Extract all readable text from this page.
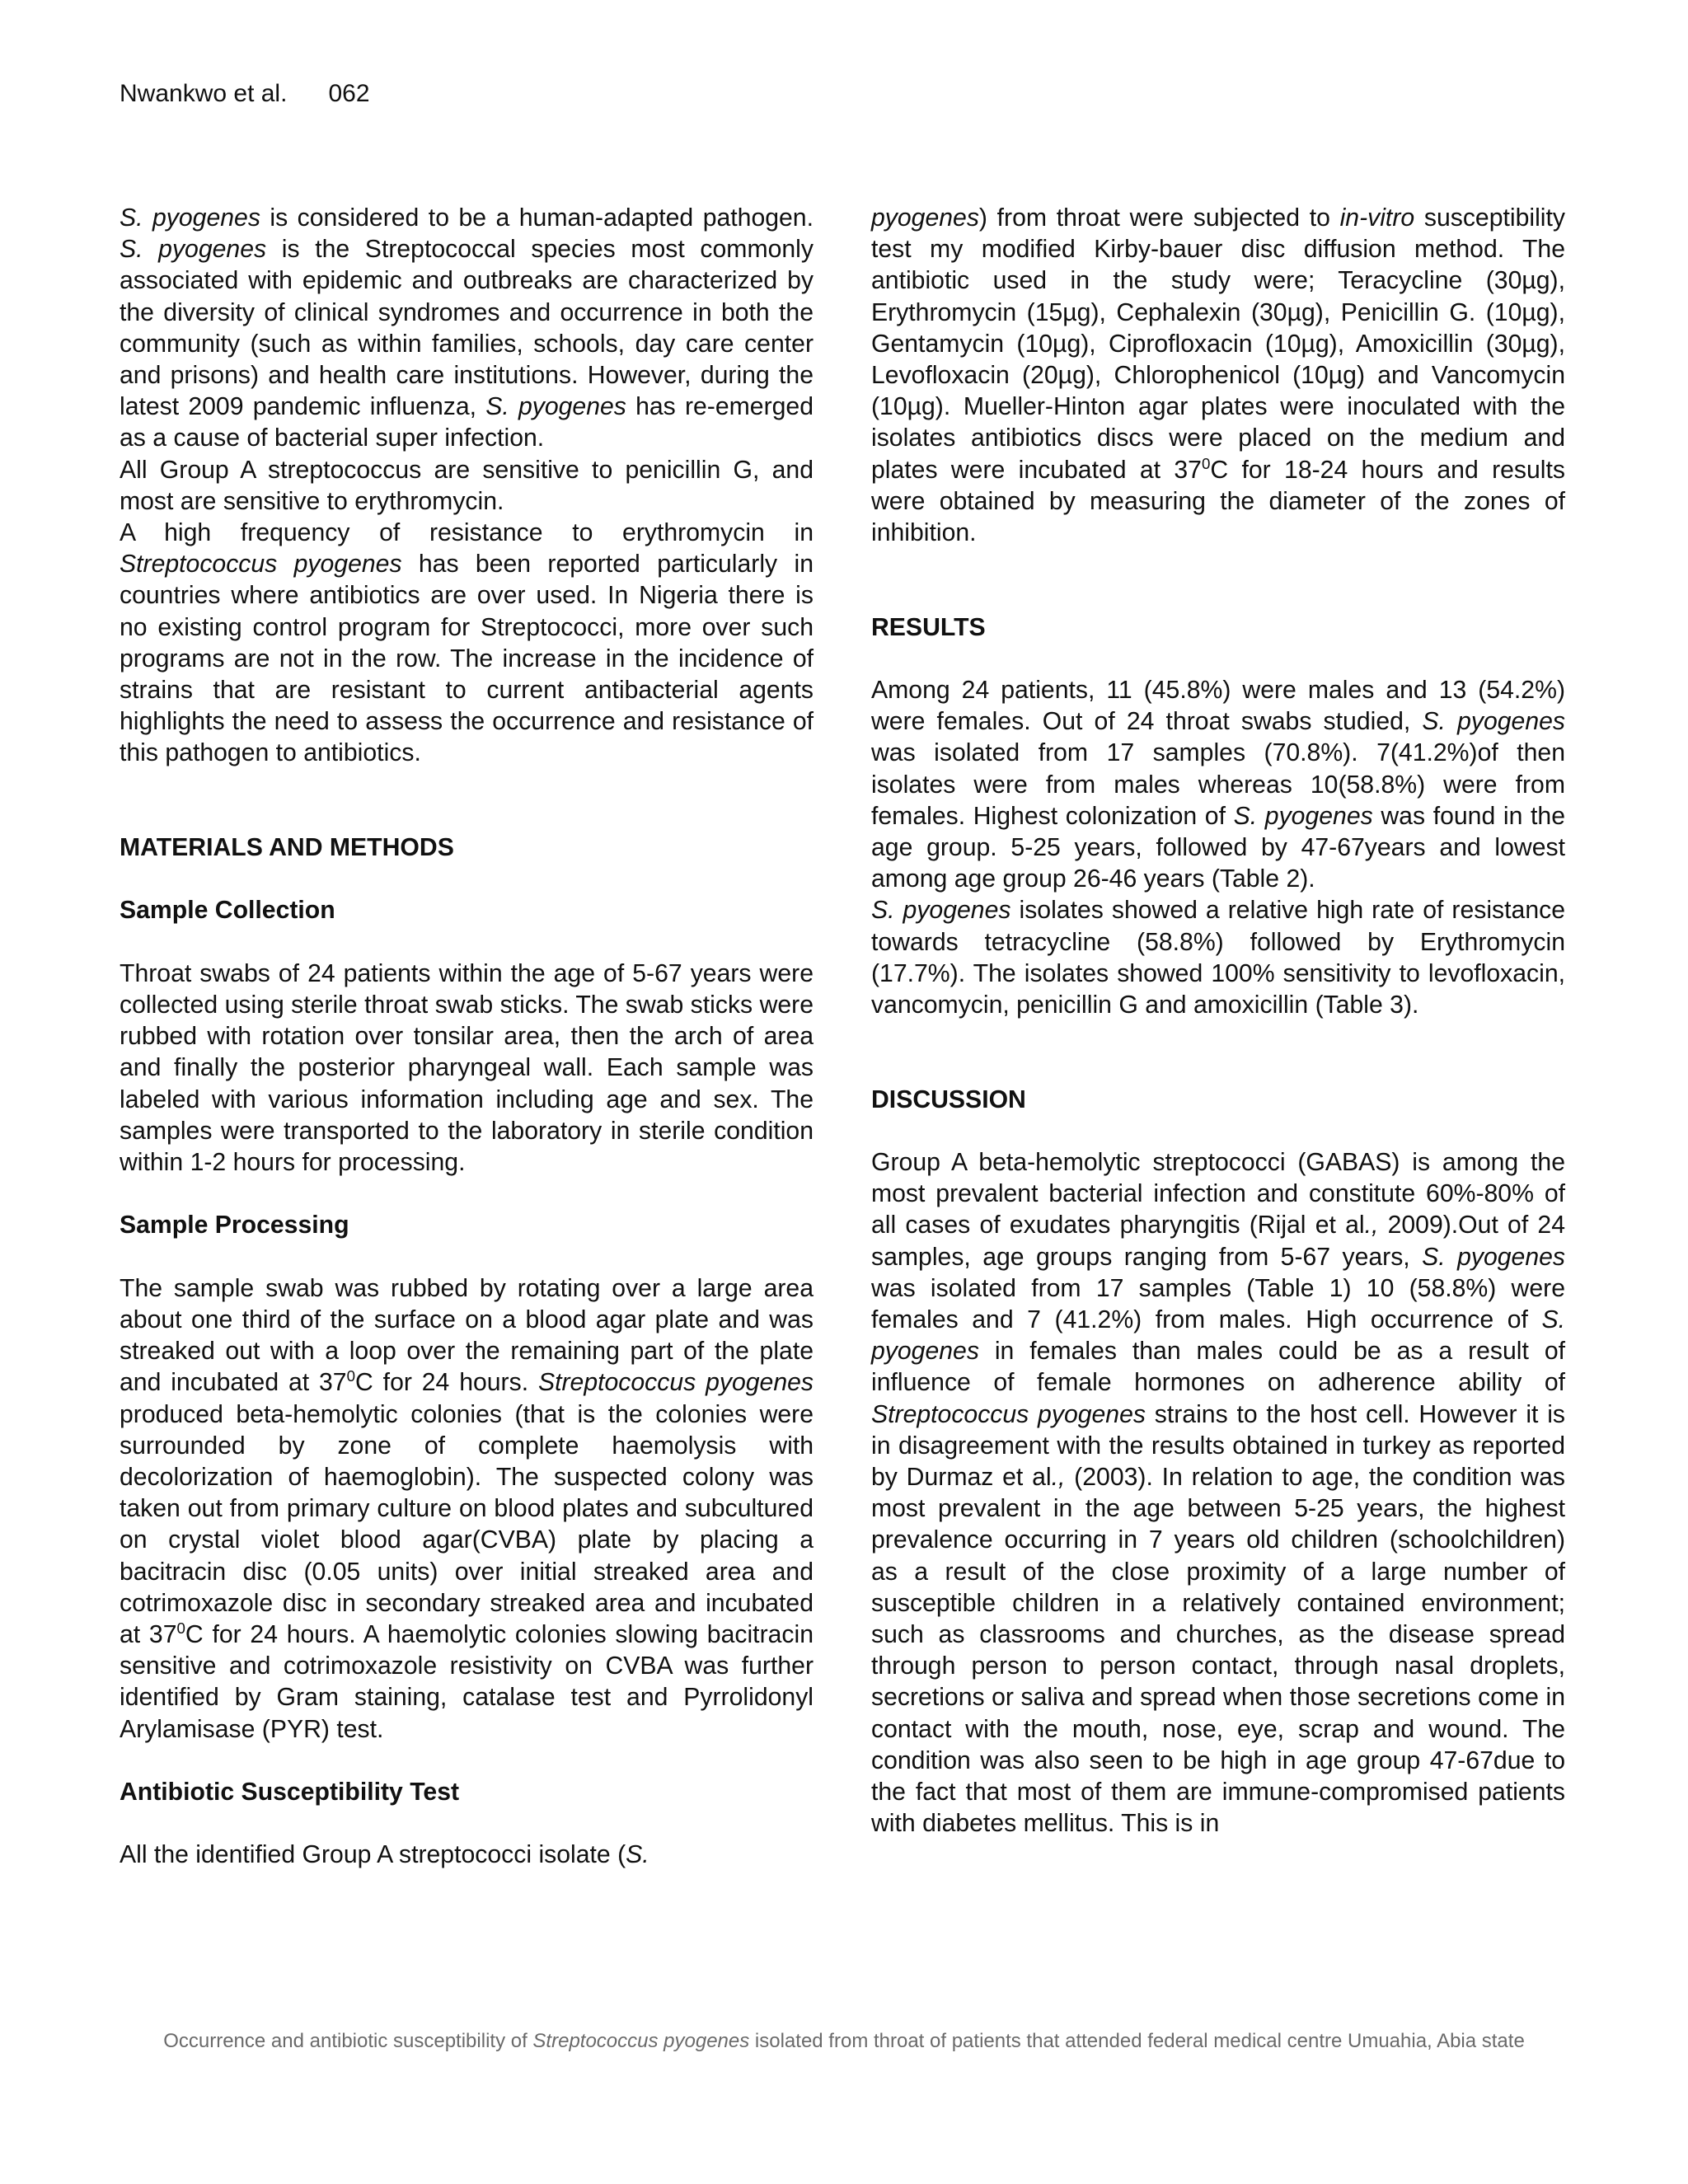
Nwankwo et al. 062

S. pyogenes is considered to be a human-adapted pathogen. S. pyogenes is the Streptococcal species most commonly associated with epidemic and outbreaks are characterized by the diversity of clinical syndromes and occurrence in both the community (such as within families, schools, day care center and prisons) and health care institutions. However, during the latest 2009 pandemic influenza, S. pyogenes has re-emerged as a cause of bacterial super infection.

All Group A streptococcus are sensitive to penicillin G, and most are sensitive to erythromycin.

A high frequency of resistance to erythromycin in Streptococcus pyogenes has been reported particularly in countries where antibiotics are over used. In Nigeria there is no existing control program for Streptococci, more over such programs are not in the row. The increase in the incidence of strains that are resistant to current antibacterial agents highlights the need to assess the occurrence and resistance of this pathogen to antibiotics.

MATERIALS AND METHODS
Sample Collection

Throat swabs of 24 patients within the age of 5-67 years were collected using sterile throat swab sticks. The swab sticks were rubbed with rotation over tonsilar area, then the arch of area and finally the posterior pharyngeal wall. Each sample was labeled with various information including age and sex. The samples were transported to the laboratory in sterile condition within 1-2 hours for processing.

Sample Processing

The sample swab was rubbed by rotating over a large area about one third of the surface on a blood agar plate and was streaked out with a loop over the remaining part of the plate and incubated at $37^0C$ for 24 hours. Streptococcus pyogenes produced beta-hemolytic colonies (that is the colonies were surrounded by zone of complete haemolysis with decolorization of haemoglobin). The suspected colony was taken out from primary culture on blood plates and subcultured on crystal violet blood agar(CVBA) plate by placing a bacitracin disc (0.05 units) over initial streaked area and cotrimoxazole disc in secondary streaked area and incubated at $37^0C$ for 24 hours. A haemolytic colonies slowing bacitracin sensitive and cotrimoxazole resistivity on CVBA was further identified by Gram staining, catalase test and Pyrrolidonyl Arylamisase (PYR) test.

Antibiotic Susceptibility Test

All the identified Group A streptococci isolate (S.

pyogenes) from throat were subjected to in-vitro susceptibility test my modified Kirby-bauer disc diffusion method. The antibiotic used in the study were; Teracycline (30µg), Erythromycin (15µg), Cephalexin (30µg), Penicillin G. (10µg), Gentamycin (10µg), Ciprofloxacin (10µg), Amoxicillin (30µg), Levofloxacin (20µg), Chlorophenicol (10µg) and Vancomycin (10µg). Mueller-Hinton agar plates were inoculated with the isolates antibiotics discs were placed on the medium and plates were incubated at $37^0C$ for 18-24 hours and results were obtained by measuring the diameter of the zones of inhibition.

RESULTS

Among 24 patients, 11 (45.8%) were males and 13 (54.2%) were females. Out of 24 throat swabs studied, S. pyogenes was isolated from 17 samples (70.8%). 7(41.2%)of then isolates were from males whereas 10(58.8%) were from females. Highest colonization of S. pyogenes was found in the age group. 5-25 years, followed by 47-67years and lowest among age group 26-46 years (Table 2).

S. pyogenes isolates showed a relative high rate of resistance towards tetracycline (58.8%) followed by Erythromycin (17.7%). The isolates showed 100% sensitivity to levofloxacin, vancomycin, penicillin G and amoxicillin (Table 3).

DISCUSSION

Group A beta-hemolytic streptococci (GABAS) is among the most prevalent bacterial infection and constitute 60%-80% of all cases of exudates pharyngitis (Rijal et al., 2009).Out of 24 samples, age groups ranging from 5-67 years, S. pyogenes was isolated from 17 samples (Table 1) 10 (58.8%) were females and 7 (41.2%) from males. High occurrence of S. pyogenes in females than males could be as a result of influence of female hormones on adherence ability of Streptococcus pyogenes strains to the host cell. However it is in disagreement with the results obtained in turkey as reported by Durmaz et al., (2003). In relation to age, the condition was most prevalent in the age between 5-25 years, the highest prevalence occurring in 7 years old children (schoolchildren) as a result of the close proximity of a large number of susceptible children in a relatively contained environment; such as classrooms and churches, as the disease spread through person to person contact, through nasal droplets, secretions or saliva and spread when those secretions come in contact with the mouth, nose, eye, scrap and wound. The condition was also seen to be high in age group 47-67due to the fact that most of them are immune-compromised patients with diabetes mellitus. This is in

Occurrence and antibiotic susceptibility of Streptococcus pyogenes isolated from throat of patients that attended federal medical centre Umuahia, Abia state
